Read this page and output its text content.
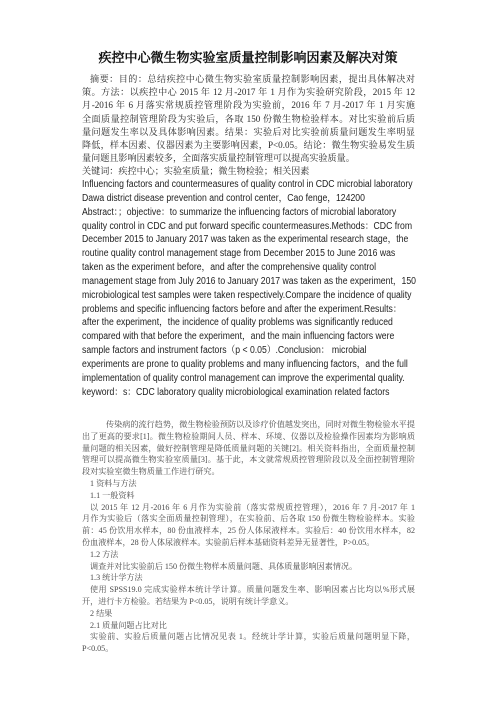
疾控中心微生物实验室质量控制影响因素及解决对策
摘要：目的：总结疾控中心微生物实验室质量控制影响因素，提出具体解决对
策。方法：以疾控中心 2015 年 12 月-2017 年 1 月作为实验研究阶段，2015 年 12
月-2016 年 6 月落实常规质控管理阶段为实验前，2016 年 7 月-2017 年 1 月实施
全面质量控制管理阶段为实验后，各取 150 份微生物检验样本。对比实验前后质
量问题发生率以及具体影响因素。结果：实验后对比实验前质量问题发生率明显
降低，样本因素、仪器因素为主要影响因素，P<0.05。结论：微生物实验易发生质
量问题且影响因素较多，全面落实质量控制管理可以提高实验质量。
关键词：疾控中心；实验室质量；微生物检验；相关因素
Influencing factors and countermeasures of quality control in CDC microbial laboratory
Dawa district disease prevention and control center，Cao fenge，124200
Abstract：；objective：to summarize the influencing factors of microbial laboratory
quality control in CDC and put forward specific countermeasures.Methods：CDC from
December 2015 to January 2017 was taken as the experimental research stage，the
routine quality control management stage from December 2015 to June 2016 was
taken as the experiment before，and after the comprehensive quality control
management stage from July 2016 to January 2017 was taken as the experiment，150
microbiological test samples were taken respectively.Compare the incidence of quality
problems and specific influencing factors before and after the experiment.Results：
after the experiment，the incidence of quality problems was significantly reduced
compared with that before the experiment，and the main influencing factors were
sample factors and instrument factors（p < 0.05）.Conclusion： microbial
experiments are prone to quality problems and many influencing factors，and the full
implementation of quality control management can improve the experimental quality.
keyword：s：CDC laboratory quality microbiological examination related factors
传染病的流行趋势，微生物检验预防以及诊疗价值越发突出，同时对微生物检验水平提
出了更高的要求[1]。微生物检验期间人员、样本、环境、仪器以及检验操作因素均为影响质
量问题的相关因素，做好控制管理是降低质量问题的关键[2]。相关资料指出，全面质量控制
管理可以提高微生物实验室质量[3]。基于此，本文就常规质控管理阶段以及全面控制管理阶
段对实验室微生物质量工作进行研究。
1 资料与方法
1.1 一般资料
以 2015 年 12 月-2016 年 6 月作为实验前（落实常规质控管理），2016 年 7 月-2017 年 1
月作为实验后（落实全面质量控制管理），在实验前、后各取 150 份微生物检验样本。实验
前：45 份饮用水样本，80 份血液样本，25 份人体尿液样本。实验后：40 份饮用水样本，82
份血液样本，28 份人体尿液样本。实验前后样本基础资料差异无显著性，P>0.05。
1.2 方法
调查并对比实验前后 150 份微生物样本质量问题、具体质量影响因素情况。
1.3 统计学方法
使用 SPSS19.0 完成实验样本统计学计算。质量问题发生率、影响因素占比均以%形式展
开，进行卡方检验。若结果为 P<0.05，说明有统计学意义。
2 结果
2.1 质量问题占比对比
实验前、实验后质量问题占比情况见表 1。经统计学计算，实验后质量问题明显下降，
P<0.05。
